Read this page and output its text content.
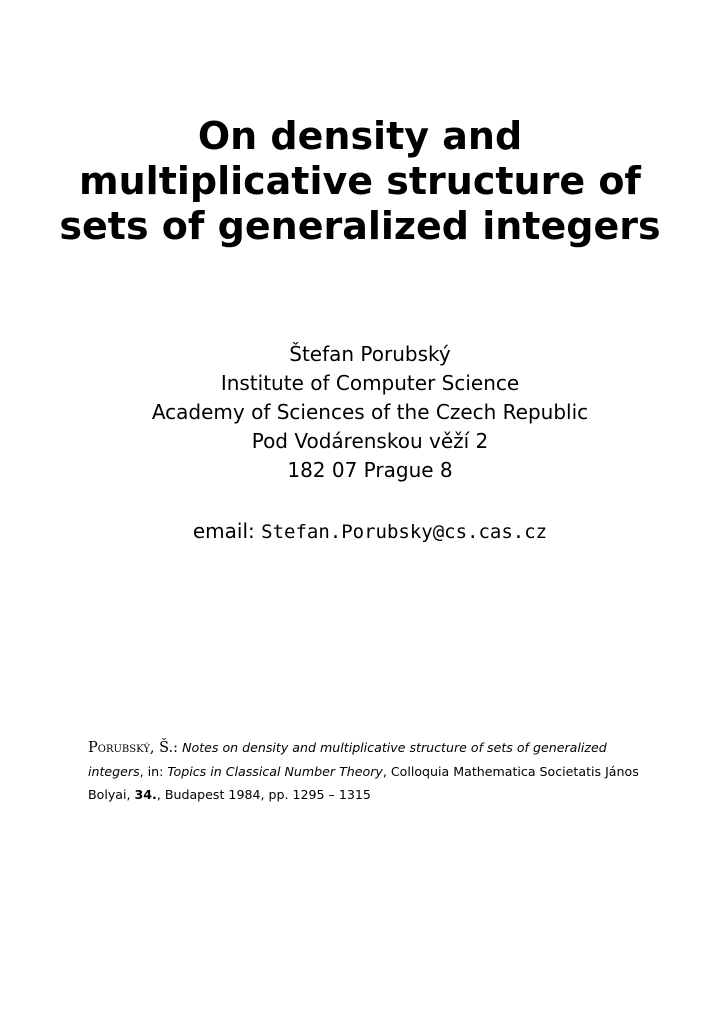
On density and
multiplicative structure of
sets of generalized integers
Štefan Porubský
Institute of Computer Science
Academy of Sciences of the Czech Republic
Pod Vodárenskou věží 2
182 07 Prague 8
email: Stefan.Porubsky@cs.cas.cz
Porubský, Š.: Notes on density and multiplicative structure of sets of generalized integers, in: Topics in Classical Number Theory, Colloquia Mathematica Societatis János Bolyai, 34., Budapest 1984, pp. 1295 – 1315
